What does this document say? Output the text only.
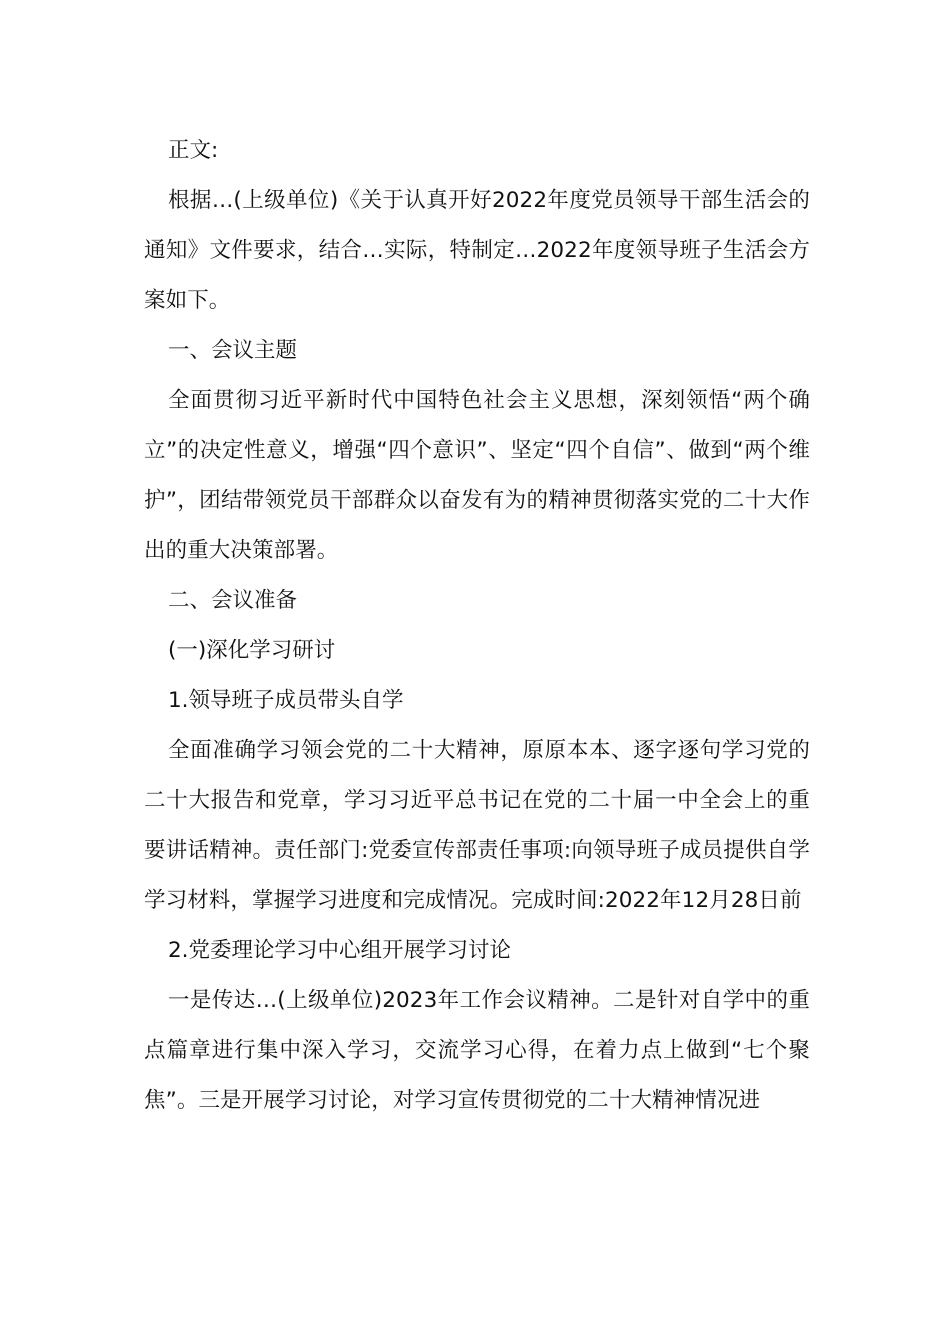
正文:

根据…(上级单位)《关于认真开好2022年度党员领导干部生活会的通知》文件要求，结合…实际，特制定…2022年度领导班子生活会方案如下。

一、会议主题

全面贯彻习近平新时代中国特色社会主义思想，深刻领悟“两个确立”的决定性意义，增强“四个意识”、坚定“四个自信”、做到“两个维护”，团结带领党员干部群众以奋发有为的精神贯彻落实党的二十大作出的重大决策部署。

二、会议准备

(一)深化学习研讨

1.领导班子成员带头自学

全面准确学习领会党的二十大精神，原原本本、逐字逐句学习党的二十大报告和党章，学习习近平总书记在党的二十届一中全会上的重要讲话精神。责任部门:党委宣传部责任事项:向领导班子成员提供自学学习材料，掌握学习进度和完成情况。完成时间:2022年12月28日前

2.党委理论学习中心组开展学习讨论

一是传达…(上级单位)2023年工作会议精神。二是针对自学中的重点篇章进行集中深入学习，交流学习心得，在着力点上做到“七个聚焦”。三是开展学习讨论，对学习宣传贯彻党的二十大精神情况进
